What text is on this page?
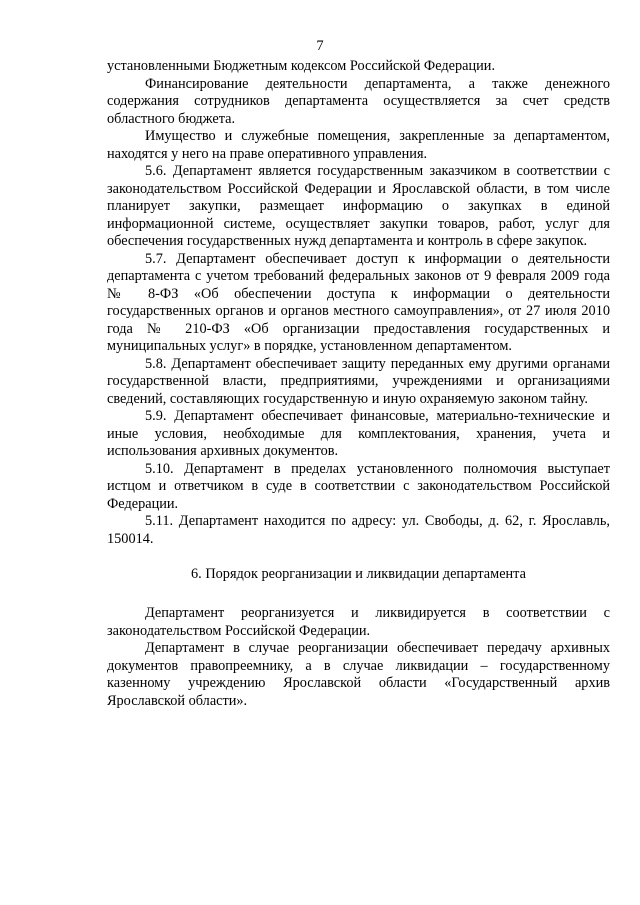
7

установленными Бюджетным кодексом Российской Федерации.

Финансирование деятельности департамента, а также денежного содержания сотрудников департамента осуществляется за счет средств областного бюджета.

Имущество и служебные помещения, закрепленные за департаментом, находятся у него на праве оперативного управления.

5.6. Департамент является государственным заказчиком в соответствии с законодательством Российской Федерации и Ярославской области, в том числе планирует закупки, размещает информацию о закупках в единой информационной системе, осуществляет закупки товаров, работ, услуг для обеспечения государственных нужд департамента и контроль в сфере закупок.

5.7. Департамент обеспечивает доступ к информации о деятельности департамента с учетом требований федеральных законов от 9 февраля 2009 года № 8-ФЗ «Об обеспечении доступа к информации о деятельности государственных органов и органов местного самоуправления», от 27 июля 2010 года № 210-ФЗ «Об организации предоставления государственных и муниципальных услуг» в порядке, установленном департаментом.

5.8. Департамент обеспечивает защиту переданных ему другими органами государственной власти, предприятиями, учреждениями и организациями сведений, составляющих государственную и иную охраняемую законом тайну.

5.9. Департамент обеспечивает финансовые, материально-технические и иные условия, необходимые для комплектования, хранения, учета и использования архивных документов.

5.10. Департамент в пределах установленного полномочия выступает истцом и ответчиком в суде в соответствии с законодательством Российской Федерации.

5.11. Департамент находится по адресу: ул. Свободы, д. 62, г. Ярославль, 150014.

6. Порядок реорганизации и ликвидации департамента

Департамент реорганизуется и ликвидируется в соответствии с законодательством Российской Федерации.

Департамент в случае реорганизации обеспечивает передачу архивных документов правопреемнику, а в случае ликвидации – государственному казенному учреждению Ярославской области «Государственный архив Ярославской области».
